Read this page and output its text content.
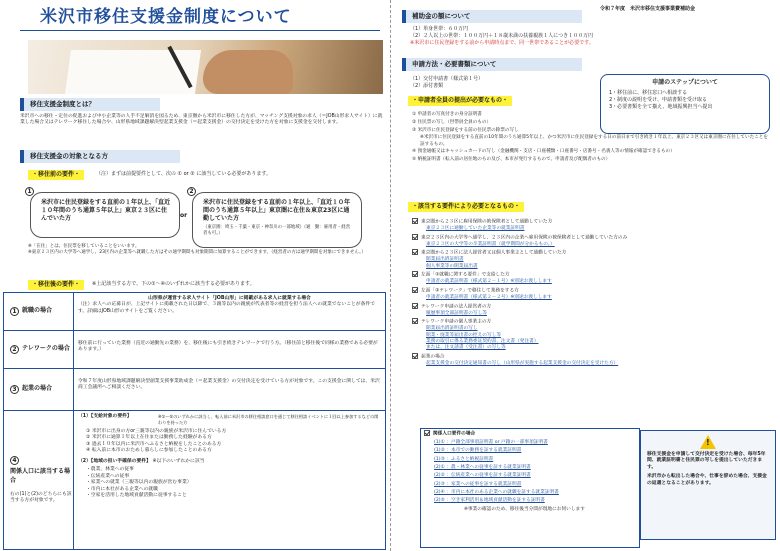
米沢市移住支援金制度について
移住支援金制度とは？
米沢市への移住・定住の促進および中小企業等の人手不足解消を図るため、東京圏から米沢市に移住した方が、マッチング支援対象の求人（＝JOB山形求人サイト）に就業した場合又はテレワーク移住した場合や、山形県地域課題解決型起業支援金（＝起業支援金）の交付決定を受けた方を対象に支援金を交付します。
移住支援金の対象となる方
・移住前の要件・	（注）まずは前提要件として、次の ① or ② に該当している必要があります。
1
米沢市に住民登録をする直前の１年以上、「直近１０年間のうち通算５年以上」東京２３区に住んでいた方	or
2
米沢市に住民登録をする直前の１年以上、「直近１０年間のうち通算５年以上」東京圏に在住＆東京23区に通勤していた方
（東京圏：埼玉・千葉・東京・神奈川の一部地域）（通　勤：雇用者・経営者も可。）
※「在住」とは、住民票を移していることをいいます。
※東京２３区内の大学等へ通学し、23区内の企業等へ就職した方はその通学期間も対象期間に加算することができます。（経営者の方は通学期間を対象にできません。）
・移住後の要件・	※上記該当する方で、下の①～④のいずれかに該当する必要があります。
1 就職の場合
山形県が運営する求人サイト「JOB山形」に掲載がある求人に就業する場合
（注）求人への応募日が、上記サイトに掲載された日以降で、３親等以内の親族が代表者等の経営を担う法人への就業でないことが条件です。詳細はJOB山形のサイトをご覧ください。
2 テレワークの場合
移住前に行っていた業務（直近の通勤先の業務）を、移住後にも引き続きテレワークで行う方。（移住前と移住後で同様の業務である必要があります。）
3 起業の場合
令和７年度山形県地域課題解決型創業支援事業助成金（＝起業支援金）の交付決定を受けている方が対象です。この支援金に関しては、米沢商工会議所へご相談ください。
4
関係人口に該当する場合
右の(1)と(2)のどちらにも該当する方が対象です。
（1）【支給対象の要件】	※①～⑤のいずれかに該当し、転入前に米沢市の移住相談窓口を通じて移住相談イベントに１回以上参加するなどの関わりを持った方
① 米沢市に出身の方or三親等以内の親族が米沢市に住んでいる方
② 米沢市に通算１年以上在住または勤務した経験がある方
③ 過去１０年以内に米沢市へふるさと納税をしたことのある方
④ 転入前に本市のおためし暮らしに参加したことのある方
（2）【地域の担い手確保の要件】 ※以下のいずれかに該当
・農業、林業への従事
・伝統産業への従事
・家業への就業（三親等以内の親族が営む事業）
・市内に本社がある企業への就職
・空家を活用した地域貢献活動に従事すること
令和７年度　米沢市移住支援事業費補助金
補助金の額について
（1）単身世帯：６０万円
（2）２人以上の世帯：１００万円＋１８歳未満の扶養親族１人につき１００万円
※米沢市に住民登録をする前から申請時点まで、同一世帯であることが必要です。
申請方法・必要書類について
（1）交付申請書（様式第１号）
（2）添付書類	申請のステップについて
1・移住前に、移住窓口へ相談する
2・制度の説明を受け、申請書類を受け取る
3・必要書類を全て揃え、地域振興担当へ提出
・申請者全員の提出が必要なもの・
① 申請者の写真付きの身分証明書
② 住民票の写し（世帯員全員のもの）
③ 米沢市に住民登録をする前の住民票の除票の写し
※米沢市に住民登録をする直前の10年間のうち通算5年以上、かつ米沢市に住民登録をする日の前日まで引き続き１年以上、東京２３区又は東京圏に在住していたことを証するもの。
④ 預金通帳又はキャッシュカードの写し（金融機関・支店・口座種類・口座番号・店番号・名義人等の情報が確認できるもの）
⑤ 納税証明書（転入前の居住地のもの及び、本市が発行するもので、申請者及び配偶者のもの）
・該当する要件により必要となるもの・
東京圏から２３区に雇用保険の被保険者として通勤していた方
東京２３区に通勤していた企業等の就業証明書
東京２３区内の大学等へ通学し、２３区内の企業へ雇用保険の被保険者として通勤していた方のみ
東京２３区の大学等の卒業証明書（就学期間が分かるもの。）
東京圏から２３区に法人経営者又は個人事業主として通勤していた方
開業届出済証明書
個人事業等の開業届出書
左面「①就職に関する要件」で支給した方
申請者の就業証明書（様式第２－１号）※別途お渡しします
左面「②テレワーク」で移住して業務をする方
申請者の就業証明書（様式第２－２号）※別途お渡しします
テレワーク申請の法人経営者の方
履歴事項全部証明書の写し等
テレワーク申請の個人事業主の方
開業届出済証明書の写し
開業・廃業等届出書の控えの写し等
業務の取引に係る業務委託契約書、注文書（発注書）
または、注文請書（受注書）の写し等
起業の場合
起業支援金の交付決定通知書の写し（山形県が実施する起業支援金の交付決定を受けた方）
関係人口要件の場合
(1)① ：戸籍全部事項証明書 or 戸籍の一部事項証明書
(1)② ：本市での勤務を証する就業証明書
(1)③ ：ふるさと納税証明書
(2)① ：農・林業への従事を証する就業証明書
(2)② ：伝統産業への従事を証する就業証明書
(2)③ ：家業への従事を証する就業証明書
(2)④ ：市内に本社のある企業への就職を証する就業証明書
(2)⑤ ：空き家利活用＆地域貢献活動を証する証明書
※事業の確認のため、移住後当分間が現地にお伺いします
!
移住支援金を申請して交付決定を受けた場合、毎年5年間、就業証明書と住民票の写しを提出していただきます。
米沢市から転出した場合や、仕事を辞めた場合、支援金の返還となることがあります。
